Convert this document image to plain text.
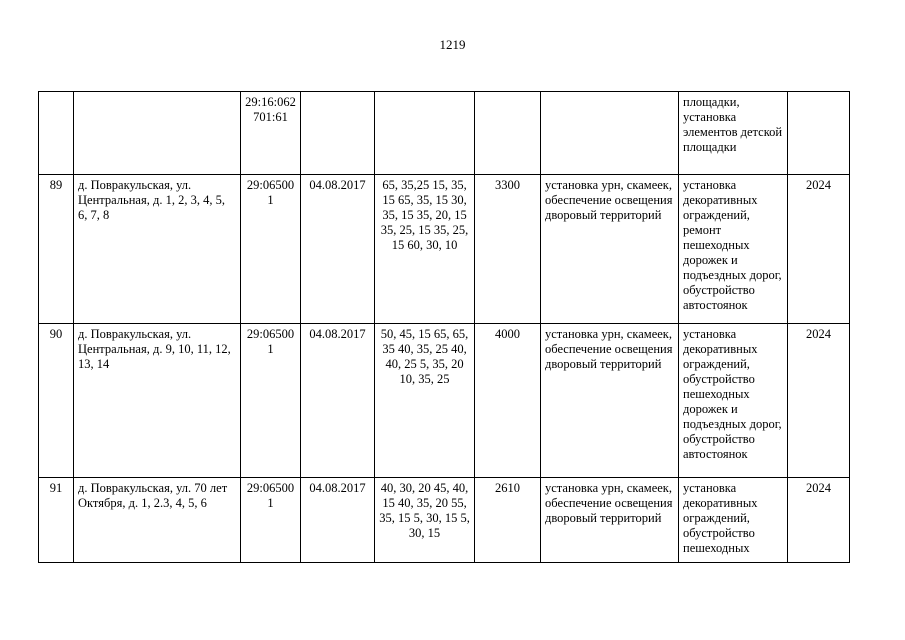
1219
		29:16:062 701:61					площадки, установка элементов детской площадки	
89	д. Повракульская, ул. Центральная, д. 1, 2, 3, 4, 5, 6, 7, 8	29:06500 1	04.08.2017	65, 35,25 15, 35, 15 65, 35, 15 30, 35, 15 35, 20, 15 35, 25, 15 35, 25, 15 60, 30, 10	3300	установка урн, скамеек, обеспечение освещения дворовый территорий	установка декоративных ограждений, ремонт пешеходных дорожек и подъездных дорог, обустройство автостоянок	2024
90	д. Повракульская, ул. Центральная, д. 9, 10, 11, 12, 13, 14	29:06500 1	04.08.2017	50, 45, 15 65, 65, 35 40, 35, 25 40, 40, 25 5, 35, 20 10, 35, 25	4000	установка урн, скамеек, обеспечение освещения дворовый территорий	установка декоративных ограждений, обустройство пешеходных дорожек и подъездных дорог, обустройство автостоянок	2024
91	д. Повракульская, ул. 70 лет Октября, д. 1, 2.3, 4, 5, 6	29:06500 1	04.08.2017	40, 30, 20 45, 40, 15 40, 35, 20 55, 35, 15 5, 30, 15 5, 30, 15	2610	установка урн, скамеек, обеспечение освещения дворовый территорий	установка декоративных ограждений, обустройство пешеходных	2024
